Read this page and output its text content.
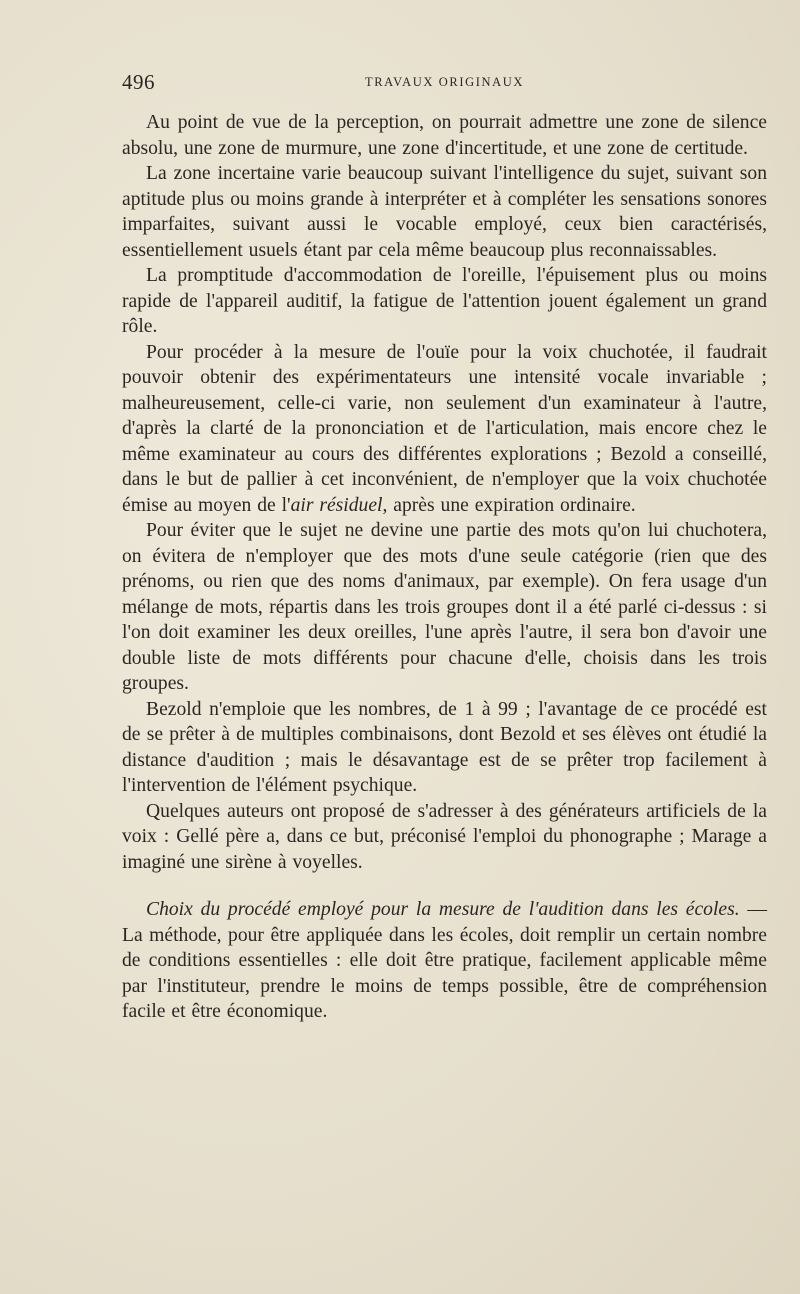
496	TRAVAUX ORIGINAUX

Au point de vue de la perception, on pourrait admettre une zone de silence absolu, une zone de murmure, une zone d'incertitude, et une zone de certitude.

La zone incertaine varie beaucoup suivant l'intelligence du sujet, suivant son aptitude plus ou moins grande à interpréter et à compléter les sensations sonores imparfaites, suivant aussi le vocable employé, ceux bien caractérisés, essentiellement usuels étant par cela même beaucoup plus reconnaissables.

La promptitude d'accommodation de l'oreille, l'épuisement plus ou moins rapide de l'appareil auditif, la fatigue de l'attention jouent également un grand rôle.

Pour procéder à la mesure de l'ouïe pour la voix chuchotée, il faudrait pouvoir obtenir des expérimentateurs une intensité vocale invariable ; malheureusement, celle-ci varie, non seulement d'un examinateur à l'autre, d'après la clarté de la prononciation et de l'articulation, mais encore chez le même examinateur au cours des différentes explorations ; Bezold a conseillé, dans le but de pallier à cet inconvénient, de n'employer que la voix chuchotée émise au moyen de l'air résiduel, après une expiration ordinaire.

Pour éviter que le sujet ne devine une partie des mots qu'on lui chuchotera, on évitera de n'employer que des mots d'une seule catégorie (rien que des prénoms, ou rien que des noms d'animaux, par exemple). On fera usage d'un mélange de mots, répartis dans les trois groupes dont il a été parlé ci-dessus : si l'on doit examiner les deux oreilles, l'une après l'autre, il sera bon d'avoir une double liste de mots différents pour chacune d'elle, choisis dans les trois groupes.

Bezold n'emploie que les nombres, de 1 à 99 ; l'avantage de ce procédé est de se prêter à de multiples combinaisons, dont Bezold et ses élèves ont étudié la distance d'audition ; mais le désavantage est de se prêter trop facilement à l'intervention de l'élément psychique.

Quelques auteurs ont proposé de s'adresser à des générateurs artificiels de la voix : Gellé père a, dans ce but, préconisé l'emploi du phonographe ; Marage a imaginé une sirène à voyelles.

Choix du procédé employé pour la mesure de l'audition dans les écoles. — La méthode, pour être appliquée dans les écoles, doit remplir un certain nombre de conditions essentielles : elle doit être pratique, facilement applicable même par l'instituteur, prendre le moins de temps possible, être de compréhension facile et être économique.
